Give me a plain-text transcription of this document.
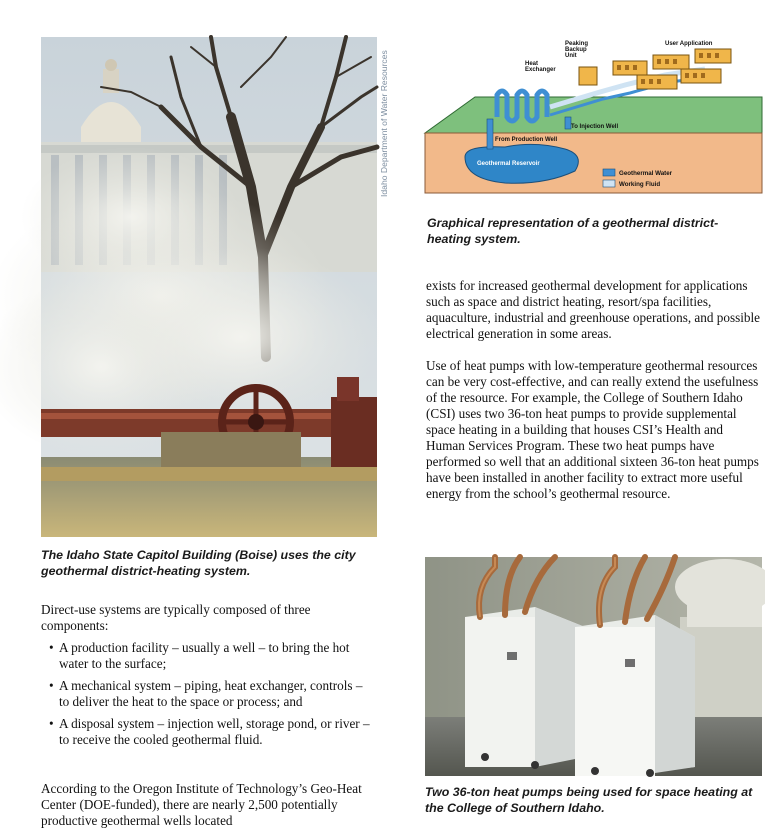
Idaho Department of Water Resources

The Idaho State Capitol Building (Boise) uses the city geothermal district-heating system.

Direct-use systems are typically composed of three components:

• A production facility – usually a well – to bring the hot water to the surface;
• A mechanical system – piping, heat exchanger, controls – to deliver the heat to the space or process; and
• A disposal system – injection well, storage pond, or river – to receive the cooled geothermal fluid.

According to the Oregon Institute of Technology’s Geo-Heat Center (DOE-funded), there are nearly 2,500 potentially productive geothermal wells located

Peaking Backup Unit
User Application
Heat Exchanger
To Injection Well
From Production Well
Geothermal Reservoir
Geothermal Water
Working Fluid

Graphical representation of a geothermal district-heating system.

exists for increased geothermal development for applications such as space and district heating, resort/spa facilities, aquaculture, industrial and greenhouse operations, and possible electrical generation in some areas.

Use of heat pumps with low-temperature geothermal resources can be very cost-effective, and can really extend the usefulness of the resource. For example, the College of Southern Idaho (CSI) uses two 36-ton heat pumps to provide supplemental space heating in a building that houses CSI’s Health and Human Services Program. These two heat pumps have performed so well that an additional sixteen 36-ton heat pumps have been installed in another facility to extract more useful energy from the school’s geothermal resource.

Two 36-ton heat pumps being used for space heating at the College of Southern Idaho.
